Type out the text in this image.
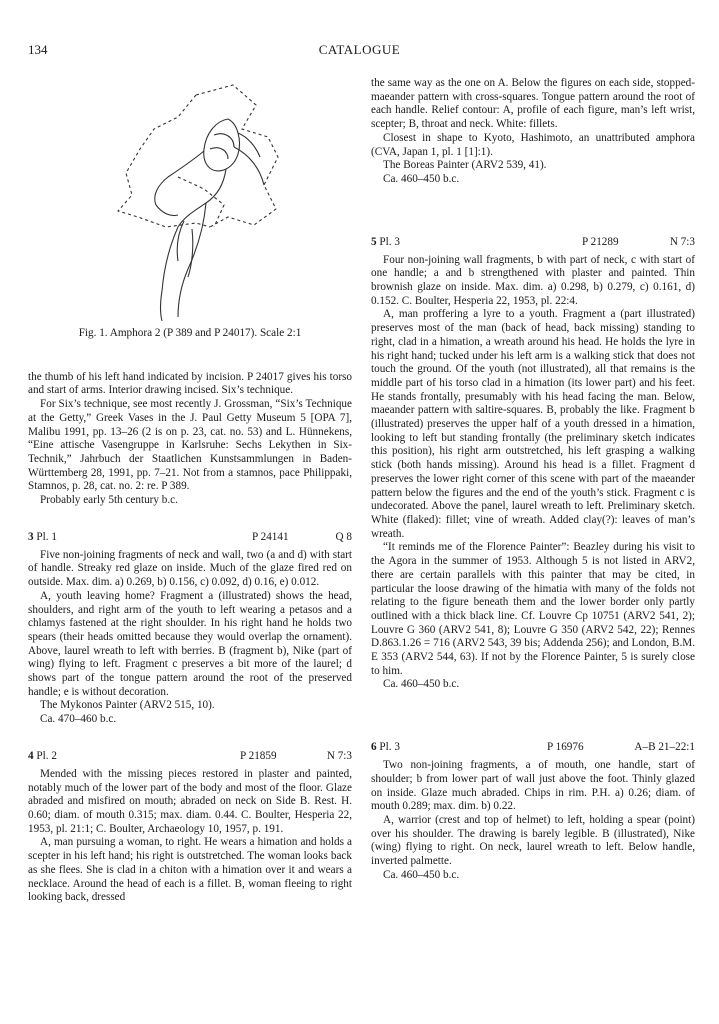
134	CATALOGUE
Fig. 1. Amphora 2 (P 389 and P 24017). Scale 2:1

the thumb of his left hand indicated by incision. P 24017 gives his torso and start of arms. Interior drawing incised. Six’s technique.

For Six’s technique, see most recently J. Grossman, “Six’s Technique at the Getty,” Greek Vases in the J. Paul Getty Museum 5 [OPA 7], Malibu 1991, pp. 13–26 (2 is on p. 23, cat. no. 53) and L. Hünnekens, “Eine attische Vasengruppe in Karlsruhe: Sechs Lekythen in Six-Technik,” Jahrbuch der Staatlichen Kunstsammlungen in Baden-Württemberg 28, 1991, pp. 7–21. Not from a stamnos, pace Philippaki, Stamnos, p. 28, cat. no. 2: re. P 389.

Probably early 5th century b.c.

3 Pl. 1	P 24141	Q 8

Five non-joining fragments of neck and wall, two (a and d) with start of handle. Streaky red glaze on inside. Much of the glaze fired red on outside. Max. dim. a) 0.269, b) 0.156, c) 0.092, d) 0.16, e) 0.012.

A, youth leaving home? Fragment a (illustrated) shows the head, shoulders, and right arm of the youth to left wearing a petasos and a chlamys fastened at the right shoulder. In his right hand he holds two spears (their heads omitted because they would overlap the ornament). Above, laurel wreath to left with berries. B (fragment b), Nike (part of wing) flying to left. Fragment c preserves a bit more of the laurel; d shows part of the tongue pattern around the root of the preserved handle; e is without decoration.

The Mykonos Painter (ARV2 515, 10).

Ca. 470–460 b.c.

4 Pl. 2	P 21859	N 7:3

Mended with the missing pieces restored in plaster and painted, notably much of the lower part of the body and most of the floor. Glaze abraded and misfired on mouth; abraded on neck on Side B. Rest. H. 0.60; diam. of mouth 0.315; max. diam. 0.44. C. Boulter, Hesperia 22, 1953, pl. 21:1; C. Boulter, Archaeology 10, 1957, p. 191.

A, man pursuing a woman, to right. He wears a himation and holds a scepter in his left hand; his right is outstretched. The woman looks back as she flees. She is clad in a chiton with a himation over it and wears a necklace. Around the head of each is a fillet. B, woman fleeing to right looking back, dressed

the same way as the one on A. Below the figures on each side, stopped-maeander pattern with cross-squares. Tongue pattern around the root of each handle. Relief contour: A, profile of each figure, man’s left wrist, scepter; B, throat and neck. White: fillets.

Closest in shape to Kyoto, Hashimoto, an unattributed amphora (CVA, Japan 1, pl. 1 [1]:1).

The Boreas Painter (ARV2 539, 41).

Ca. 460–450 b.c.

5 Pl. 3	P 21289	N 7:3

Four non-joining wall fragments, b with part of neck, c with start of one handle; a and b strengthened with plaster and painted. Thin brownish glaze on inside. Max. dim. a) 0.298, b) 0.279, c) 0.161, d) 0.152. C. Boulter, Hesperia 22, 1953, pl. 22:4.

A, man proffering a lyre to a youth. Fragment a (part illustrated) preserves most of the man (back of head, back missing) standing to right, clad in a himation, a wreath around his head. He holds the lyre in his right hand; tucked under his left arm is a walking stick that does not touch the ground. Of the youth (not illustrated), all that remains is the middle part of his torso clad in a himation (its lower part) and his feet. He stands frontally, presumably with his head facing the man. Below, maeander pattern with saltire-squares. B, probably the like. Fragment b (illustrated) preserves the upper half of a youth dressed in a himation, looking to left but standing frontally (the preliminary sketch indicates this position), his right arm outstretched, his left grasping a walking stick (both hands missing). Around his head is a fillet. Fragment d preserves the lower right corner of this scene with part of the maeander pattern below the figures and the end of the youth’s stick. Fragment c is undecorated. Above the panel, laurel wreath to left. Preliminary sketch. White (flaked): fillet; vine of wreath. Added clay(?): leaves of man’s wreath.

“It reminds me of the Florence Painter”: Beazley during his visit to the Agora in the summer of 1953. Although 5 is not listed in ARV2, there are certain parallels with this painter that may be cited, in particular the loose drawing of the himatia with many of the folds not relating to the figure beneath them and the lower border only partly outlined with a thick black line. Cf. Louvre Cp 10751 (ARV2 541, 2); Louvre G 360 (ARV2 541, 8); Louvre G 350 (ARV2 542, 22); Rennes D.863.1.26 = 716 (ARV2 543, 39 bis; Addenda 256); and London, B.M. E 353 (ARV2 544, 63). If not by the Florence Painter, 5 is surely close to him.

Ca. 460–450 b.c.

6 Pl. 3	P 16976	A–B 21–22:1

Two non-joining fragments, a of mouth, one handle, start of shoulder; b from lower part of wall just above the foot. Thinly glazed on inside. Glaze much abraded. Chips in rim. P.H. a) 0.26; diam. of mouth 0.289; max. dim. b) 0.22.

A, warrior (crest and top of helmet) to left, holding a spear (point) over his shoulder. The drawing is barely legible. B (illustrated), Nike (wing) flying to right. On neck, laurel wreath to left. Below handle, inverted palmette.

Ca. 460–450 b.c.
